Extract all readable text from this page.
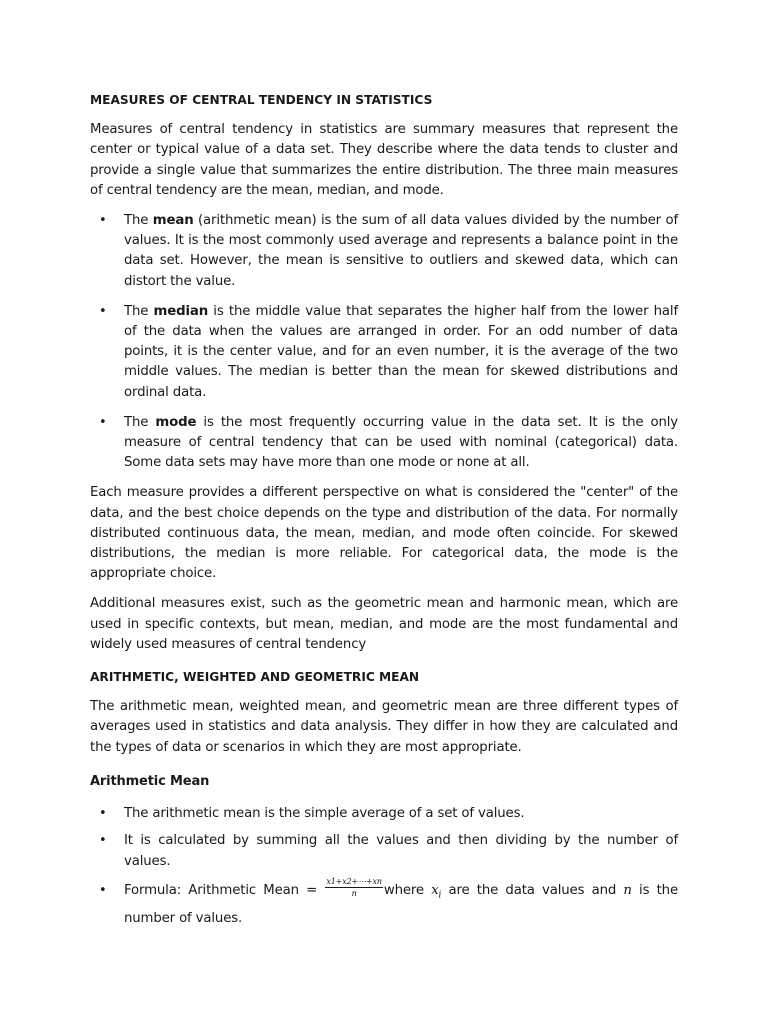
MEASURES OF CENTRAL TENDENCY IN STATISTICS

Measures of central tendency in statistics are summary measures that represent the center or typical value of a data set. They describe where the data tends to cluster and provide a single value that summarizes the entire distribution. The three main measures of central tendency are the mean, median, and mode.

• The mean (arithmetic mean) is the sum of all data values divided by the number of values. It is the most commonly used average and represents a balance point in the data set. However, the mean is sensitive to outliers and skewed data, which can distort the value.
• The median is the middle value that separates the higher half from the lower half of the data when the values are arranged in order. For an odd number of data points, it is the center value, and for an even number, it is the average of the two middle values. The median is better than the mean for skewed distributions and ordinal data.
• The mode is the most frequently occurring value in the data set. It is the only measure of central tendency that can be used with nominal (categorical) data. Some data sets may have more than one mode or none at all.

Each measure provides a different perspective on what is considered the "center" of the data, and the best choice depends on the type and distribution of the data. For normally distributed continuous data, the mean, median, and mode often coincide. For skewed distributions, the median is more reliable. For categorical data, the mode is the appropriate choice.

Additional measures exist, such as the geometric mean and harmonic mean, which are used in specific contexts, but mean, median, and mode are the most fundamental and widely used measures of central tendency

ARITHMETIC, WEIGHTED AND GEOMETRIC MEAN

The arithmetic mean, weighted mean, and geometric mean are three different types of averages used in statistics and data analysis. They differ in how they are calculated and the types of data or scenarios in which they are most appropriate.

Arithmetic Mean
• The arithmetic mean is the simple average of a set of values.
• It is calculated by summing all the values and then dividing by the number of values.
• Formula: Arithmetic Mean = $\frac{x1+x2+\cdots+xn}{n}$ where $x_i$ are the data values and n is the number of values.
